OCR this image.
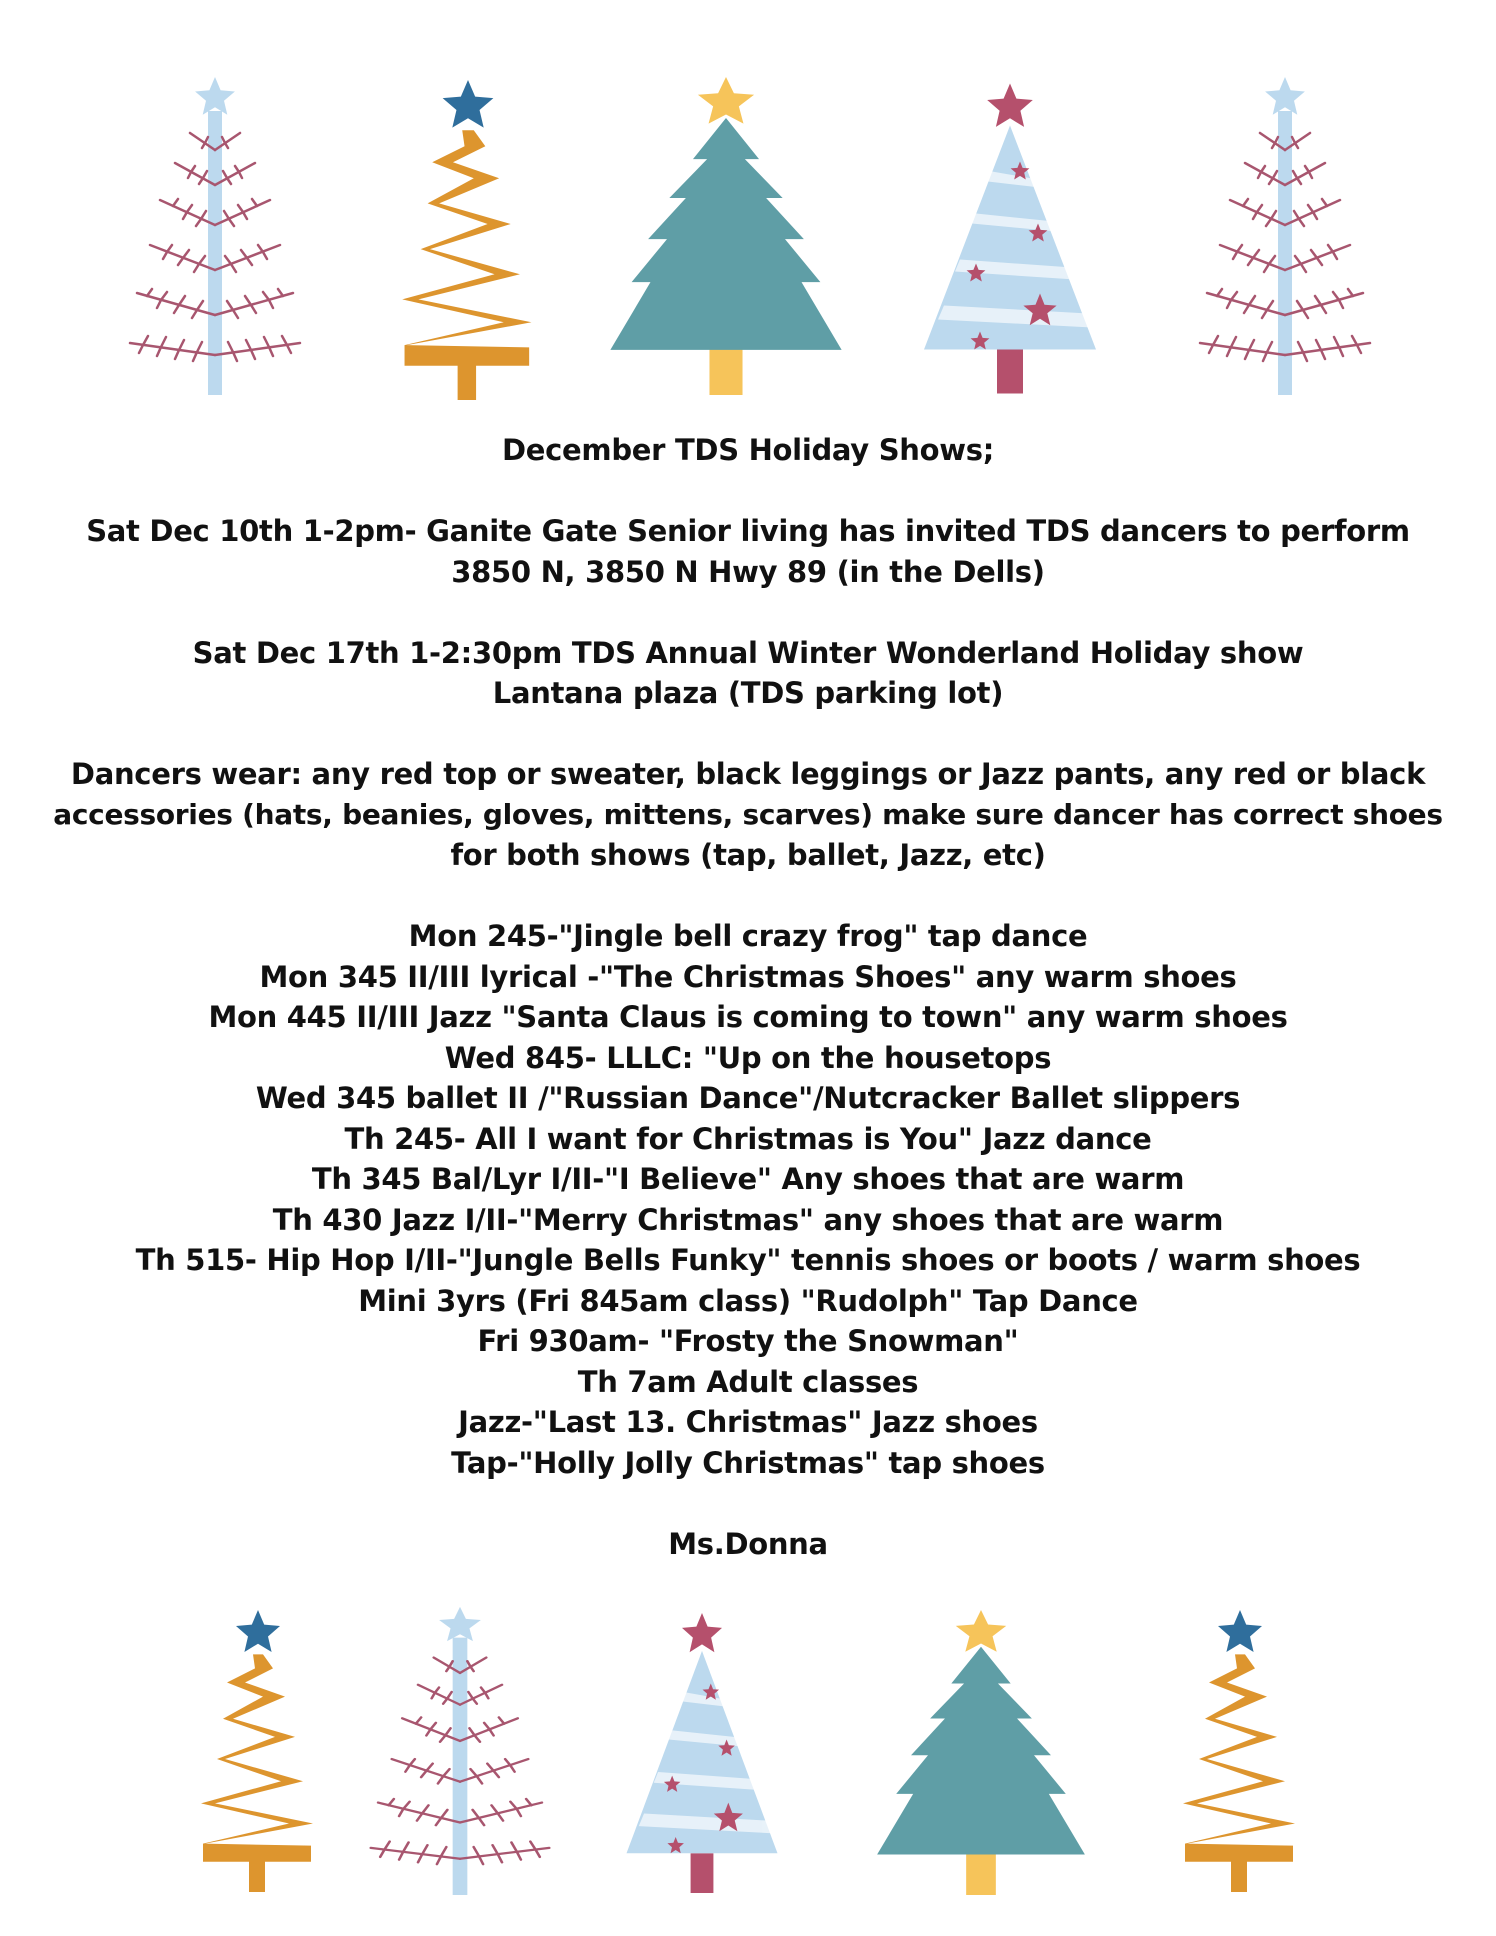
December TDS Holiday Shows;

Sat Dec 10th 1-2pm- Ganite Gate Senior living has invited TDS dancers to perform

3850 N, 3850 N Hwy 89 (in the Dells)

Sat Dec 17th 1-2:30pm TDS Annual Winter Wonderland Holiday show

Lantana plaza (TDS parking lot)

Dancers wear: any red top or sweater, black leggings or Jazz pants, any red or black

accessories (hats, beanies, gloves, mittens, scarves) make sure dancer has correct shoes

for both shows (tap, ballet, Jazz, etc)

Mon 245-"Jingle bell crazy frog" tap dance

Mon 345 II/III lyrical -"The Christmas Shoes" any warm shoes

Mon 445 II/III Jazz "Santa Claus is coming to town" any warm shoes

Wed 845- LLLC: "Up on the housetops

Wed 345 ballet II /"Russian Dance"/Nutcracker Ballet slippers

Th 245- All I want for Christmas is You" Jazz dance

Th 345 Bal/Lyr I/II-"I Believe" Any shoes that are warm

Th 430 Jazz I/II-"Merry Christmas" any shoes that are warm

Th 515- Hip Hop I/II-"Jungle Bells Funky" tennis shoes or boots / warm shoes

Mini 3yrs (Fri 845am class) "Rudolph" Tap Dance

Fri 930am- "Frosty the Snowman"

Th 7am Adult classes

Jazz-"Last 13. Christmas" Jazz shoes

Tap-"Holly Jolly Christmas" tap shoes

Ms.Donna
